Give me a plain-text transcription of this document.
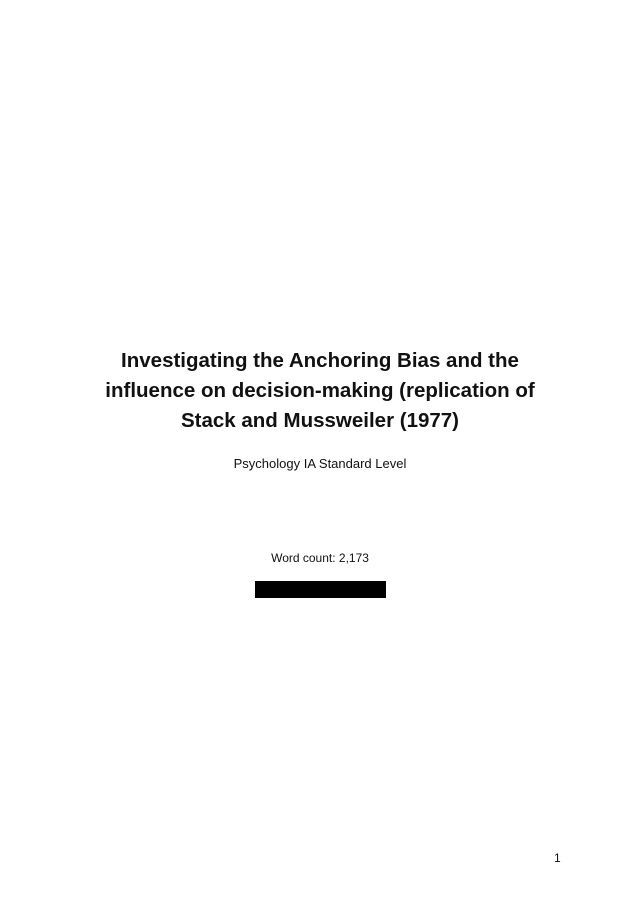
Investigating the Anchoring Bias and the
influence on decision-making (replication of
Stack and Mussweiler (1977)
Psychology IA Standard Level
Word count: 2,173
1
